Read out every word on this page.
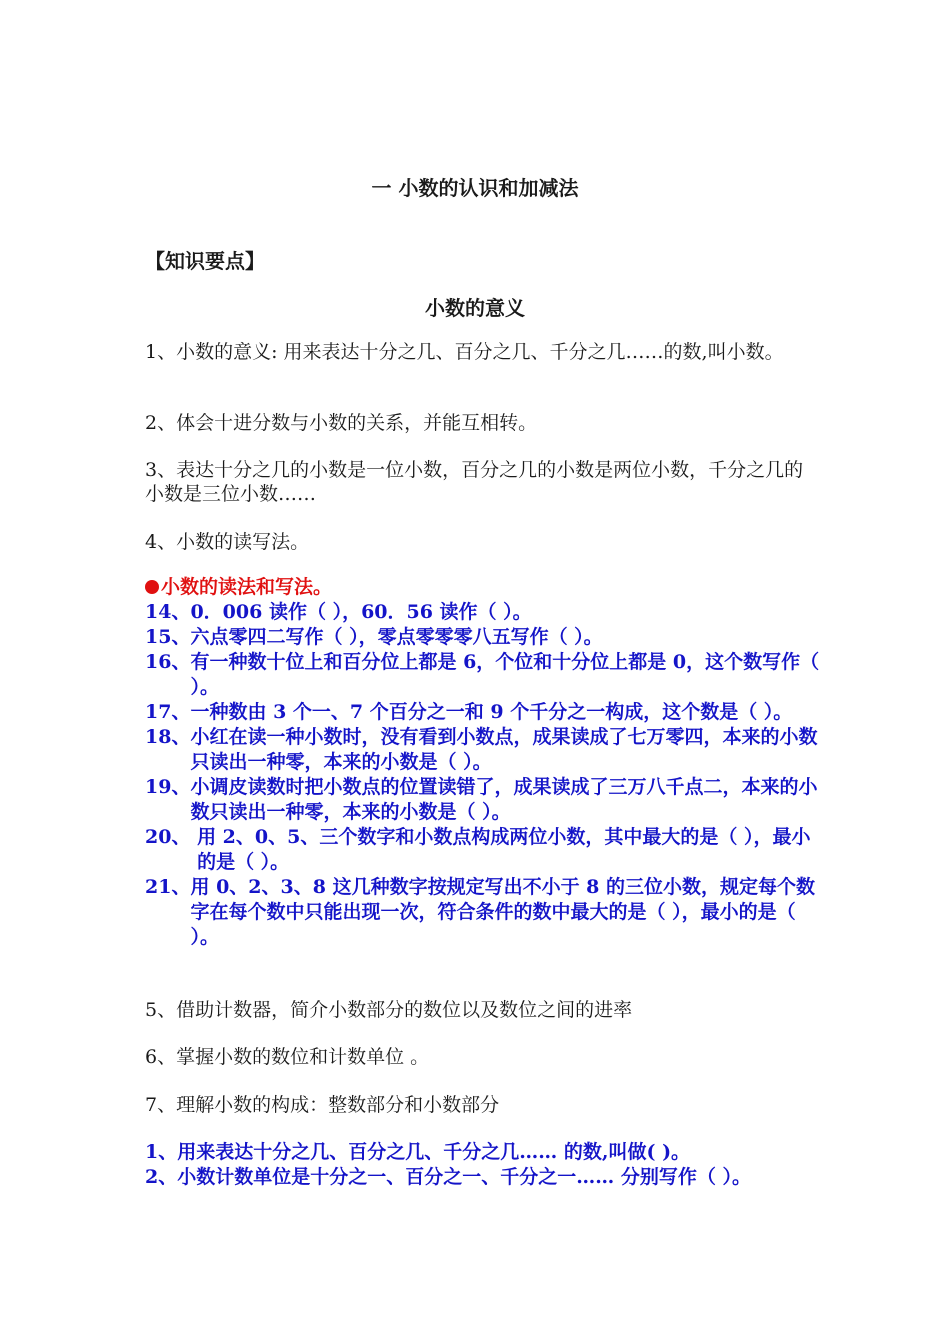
一 小数的认识和加减法
【知识要点】
小数的意义
1、小数的意义: 用来表达十分之几、百分之几、千分之几……的数,叫小数。
2、体会十进分数与小数的关系，并能互相转。
3、表达十分之几的小数是一位小数，百分之几的小数是两位小数，千分之几的小数是三位小数……
4、小数的读写法。
小数的读法和写法。
14、 0．006 读作（ ），60．56 读作（ ）。
15、 六点零四二写作（ ），零点零零零八五写作（ ）。
16、 有一种数十位上和百分位上都是 6，个位和十分位上都是 0，这个数写作（ ）。
17、 一种数由 3 个一、7 个百分之一和 9 个千分之一构成，这个数是（ ）。
18、 小红在读一种小数时，没有看到小数点，成果读成了七万零四，本来的小数只读出一种零，本来的小数是（ ）。
19、 小调皮读数时把小数点的位置读错了，成果读成了三万八千点二，本来的小数只读出一种零，本来的小数是（ ）。
20、 用 2、0、5、三个数字和小数点构成两位小数，其中最大的是（ ），最小的是（ ）。
21、 用 0、2、3、8 这几种数字按规定写出不小于 8 的三位小数，规定每个数字在每个数中只能出现一次，符合条件的数中最大的是（ ），最小的是（ ）。
5、借助计数器，简介小数部分的数位以及数位之间的进率
6、掌握小数的数位和计数单位 。
7、理解小数的构成：整数部分和小数部分
1、 用来表达十分之几、百分之几、千分之几…… 的数,叫做( )。
2、 小数计数单位是十分之一、百分之一、千分之一…… 分别写作（ ）。
